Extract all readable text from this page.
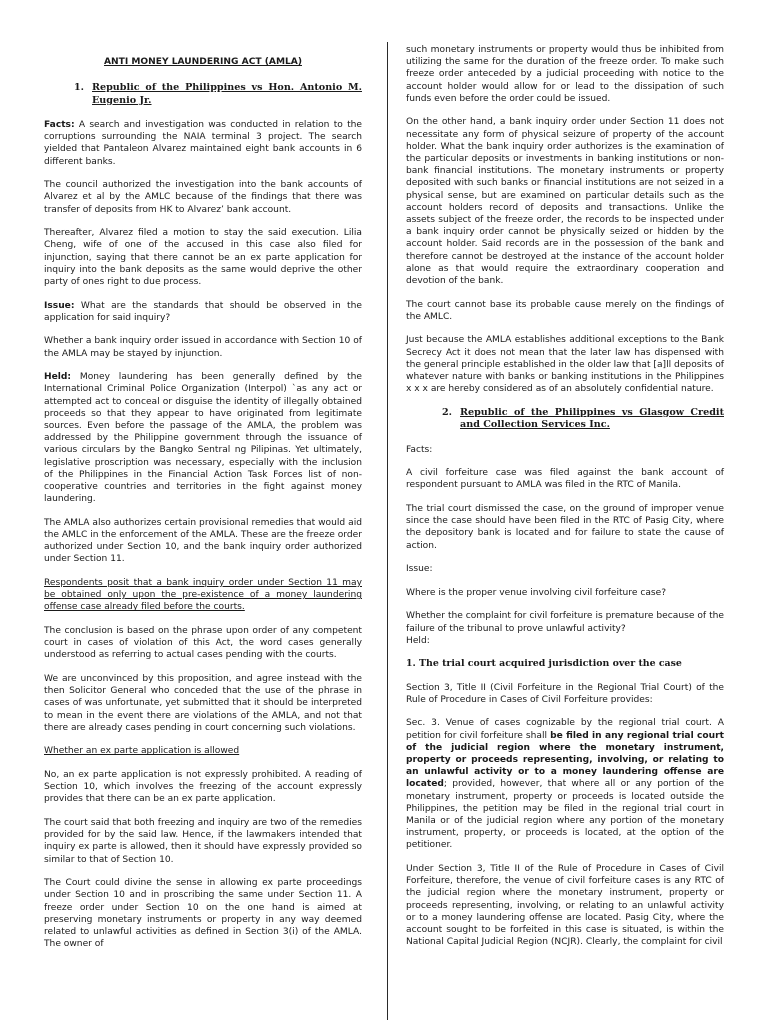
ANTI MONEY LAUNDERING ACT (AMLA)

1. Republic of the Philippines vs Hon. Antonio M. Eugenio Jr.

Facts: A search and investigation was conducted in relation to the corruptions surrounding the NAIA terminal 3 project. The search yielded that Pantaleon Alvarez maintained eight bank accounts in 6 different banks.

The council authorized the investigation into the bank accounts of Alvarez et al by the AMLC because of the findings that there was transfer of deposits from HK to Alvarez’ bank account.

Thereafter, Alvarez filed a motion to stay the said execution. Lilia Cheng, wife of one of the accused in this case also filed for injunction, saying that there cannot be an ex parte application for inquiry into the bank deposits as the same would deprive the other party of ones right to due process.

Issue: What are the standards that should be observed in the application for said inquiry?

Whether a bank inquiry order issued in accordance with Section 10 of the AMLA may be stayed by injunction.

Held: Money laundering has been generally defined by the International Criminal Police Organization (Interpol) `as any act or attempted act to conceal or disguise the identity of illegally obtained proceeds so that they appear to have originated from legitimate sources. Even before the passage of the AMLA, the problem was addressed by the Philippine government through the issuance of various circulars by the Bangko Sentral ng Pilipinas. Yet ultimately, legislative proscription was necessary, especially with the inclusion of the Philippines in the Financial Action Task Forces list of non-cooperative countries and territories in the fight against money laundering.

The AMLA also authorizes certain provisional remedies that would aid the AMLC in the enforcement of the AMLA. These are the freeze order authorized under Section 10, and the bank inquiry order authorized under Section 11.

Respondents posit that a bank inquiry order under Section 11 may be obtained only upon the pre-existence of a money laundering offense case already filed before the courts.

The conclusion is based on the phrase upon order of any competent court in cases of violation of this Act, the word cases generally understood as referring to actual cases pending with the courts.

We are unconvinced by this proposition, and agree instead with the then Solicitor General who conceded that the use of the phrase in cases of was unfortunate, yet submitted that it should be interpreted to mean in the event there are violations of the AMLA, and not that there are already cases pending in court concerning such violations.

Whether an ex parte application is allowed

No, an ex parte application is not expressly prohibited. A reading of Section 10, which involves the freezing of the account expressly provides that there can be an ex parte application.

The court said that both freezing and inquiry are two of the remedies provided for by the said law. Hence, if the lawmakers intended that inquiry ex parte is allowed, then it should have expressly provided so similar to that of Section 10.

The Court could divine the sense in allowing ex parte proceedings under Section 10 and in proscribing the same under Section 11. A freeze order under Section 10 on the one hand is aimed at preserving monetary instruments or property in any way deemed related to unlawful activities as defined in Section 3(i) of the AMLA. The owner of

such monetary instruments or property would thus be inhibited from utilizing the same for the duration of the freeze order. To make such freeze order anteceded by a judicial proceeding with notice to the account holder would allow for or lead to the dissipation of such funds even before the order could be issued.

On the other hand, a bank inquiry order under Section 11 does not necessitate any form of physical seizure of property of the account holder. What the bank inquiry order authorizes is the examination of the particular deposits or investments in banking institutions or non-bank financial institutions. The monetary instruments or property deposited with such banks or financial institutions are not seized in a physical sense, but are examined on particular details such as the account holders record of deposits and transactions. Unlike the assets subject of the freeze order, the records to be inspected under a bank inquiry order cannot be physically seized or hidden by the account holder. Said records are in the possession of the bank and therefore cannot be destroyed at the instance of the account holder alone as that would require the extraordinary cooperation and devotion of the bank.

The court cannot base its probable cause merely on the findings of the AMLC.

Just because the AMLA establishes additional exceptions to the Bank Secrecy Act it does not mean that the later law has dispensed with the general principle established in the older law that [a]ll deposits of whatever nature with banks or banking institutions in the Philippines x x x are hereby considered as of an absolutely confidential nature.

2. Republic of the Philippines vs Glasgow Credit and Collection Services Inc.

Facts:

A civil forfeiture case was filed against the bank account of respondent pursuant to AMLA was filed in the RTC of Manila.

The trial court dismissed the case, on the ground of improper venue since the case should have been filed in the RTC of Pasig City, where the depository bank is located and for failure to state the cause of action.

Issue:

Where is the proper venue involving civil forfeiture case?

Whether the complaint for civil forfeiture is premature because of the failure of the tribunal to prove unlawful activity?

Held:

1. The trial court acquired jurisdiction over the case

Section 3, Title II (Civil Forfeiture in the Regional Trial Court) of the Rule of Procedure in Cases of Civil Forfeiture provides:

Sec. 3. Venue of cases cognizable by the regional trial court. A petition for civil forfeiture shall be filed in any regional trial court of the judicial region where the monetary instrument, property or proceeds representing, involving, or relating to an unlawful activity or to a money laundering offense are located; provided, however, that where all or any portion of the monetary instrument, property or proceeds is located outside the Philippines, the petition may be filed in the regional trial court in Manila or of the judicial region where any portion of the monetary instrument, property, or proceeds is located, at the option of the petitioner.

Under Section 3, Title II of the Rule of Procedure in Cases of Civil Forfeiture, therefore, the venue of civil forfeiture cases is any RTC of the judicial region where the monetary instrument, property or proceeds representing, involving, or relating to an unlawful activity or to a money laundering offense are located. Pasig City, where the account sought to be forfeited in this case is situated, is within the National Capital Judicial Region (NCJR). Clearly, the complaint for civil
